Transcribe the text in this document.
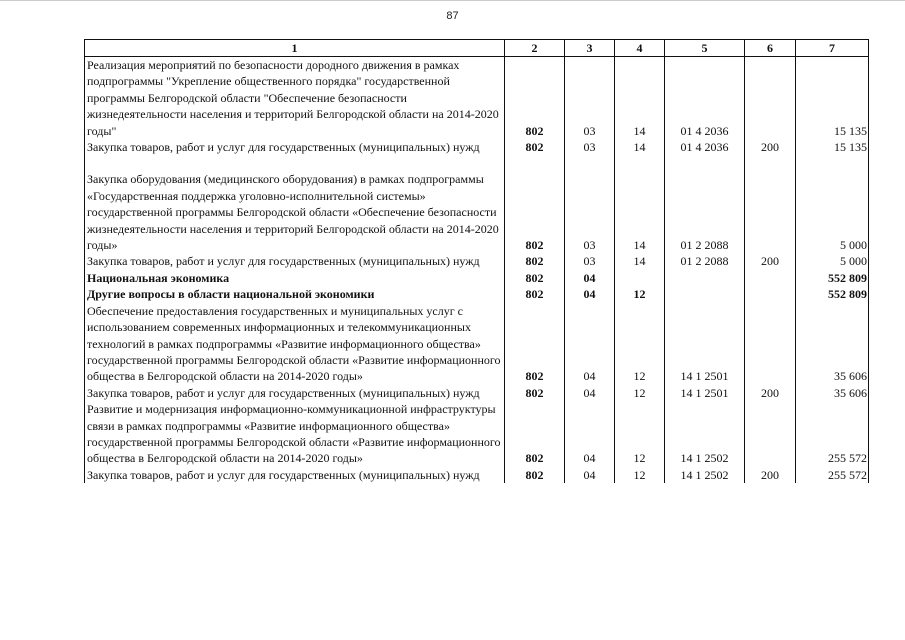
87
1	2	3	4	5	6	7
Реализация мероприятий по безопасности дородного движения в рамках подпрограммы "Укрепление общественного порядка" государственной программы Белгородской области "Обеспечение безопасности жизнедеятельности населения и территорий Белгородской области на 2014-2020 годы"	802	03	14	01 4 2036		15 135
Закупка товаров, работ и услуг для государственных (муниципальных) нужд	802	03	14	01 4 2036	200	15 135

Закупка оборудования (медицинского оборудования) в рамках подпрограммы «Государственная поддержка уголовно-исполнительной системы» государственной программы Белгородской области «Обеспечение безопасности жизнедеятельности населения и территорий Белгородской области на 2014-2020 годы»	802	03	14	01 2 2088		5 000
Закупка товаров, работ и услуг для государственных (муниципальных) нужд	802	03	14	01 2 2088	200	5 000
Национальная экономика	802	04				552 809
Другие вопросы в области национальной экономики	802	04	12			552 809
Обеспечение предоставления государственных и муниципальных услуг с использованием современных информационных и телекоммуникационных технологий в рамках подпрограммы «Развитие информационного общества» государственной программы Белгородской области «Развитие информационного общества в Белгородской области на 2014-2020 годы»	802	04	12	14 1 2501		35 606
Закупка товаров, работ и услуг для государственных (муниципальных) нужд	802	04	12	14 1 2501	200	35 606
Развитие и модернизация информационно-коммуникационной инфраструктуры связи в рамках подпрограммы «Развитие информационного общества» государственной программы Белгородской области «Развитие информационного общества в Белгородской области на 2014-2020 годы»	802	04	12	14 1 2502		255 572
Закупка товаров, работ и услуг для государственных (муниципальных) нужд	802	04	12	14 1 2502	200	255 572
